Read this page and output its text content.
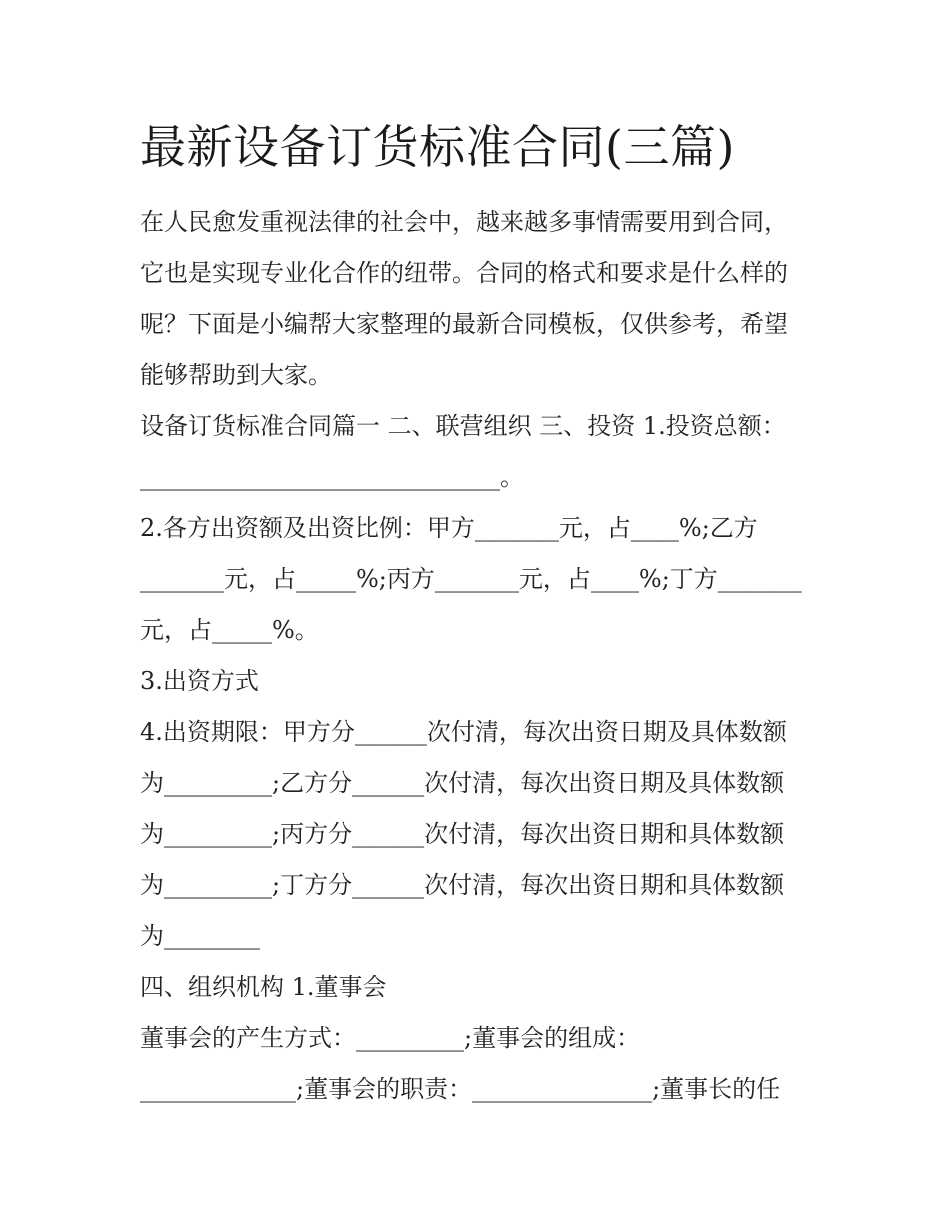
最新设备订货标准合同(三篇)
在人民愈发重视法律的社会中，越来越多事情需要用到合同，
它也是实现专业化合作的纽带。合同的格式和要求是什么样的
呢？下面是小编帮大家整理的最新合同模板，仅供参考，希望
能够帮助到大家。
设备订货标准合同篇一 二、联营组织 三、投资 1.投资总额：
______________________________。
2.各方出资额及出资比例：甲方_______元，占____%;乙方
_______元，占_____%;丙方_______元，占____%;丁方_______
元，占_____%。
3.出资方式
4.出资期限：甲方分______次付清，每次出资日期及具体数额
为_________;乙方分______次付清，每次出资日期及具体数额
为_________;丙方分______次付清，每次出资日期和具体数额
为_________;丁方分______次付清，每次出资日期和具体数额
为________
四、组织机构 1.董事会
董事会的产生方式：_________;董事会的组成：
_____________;董事会的职责：_______________;董事长的任
